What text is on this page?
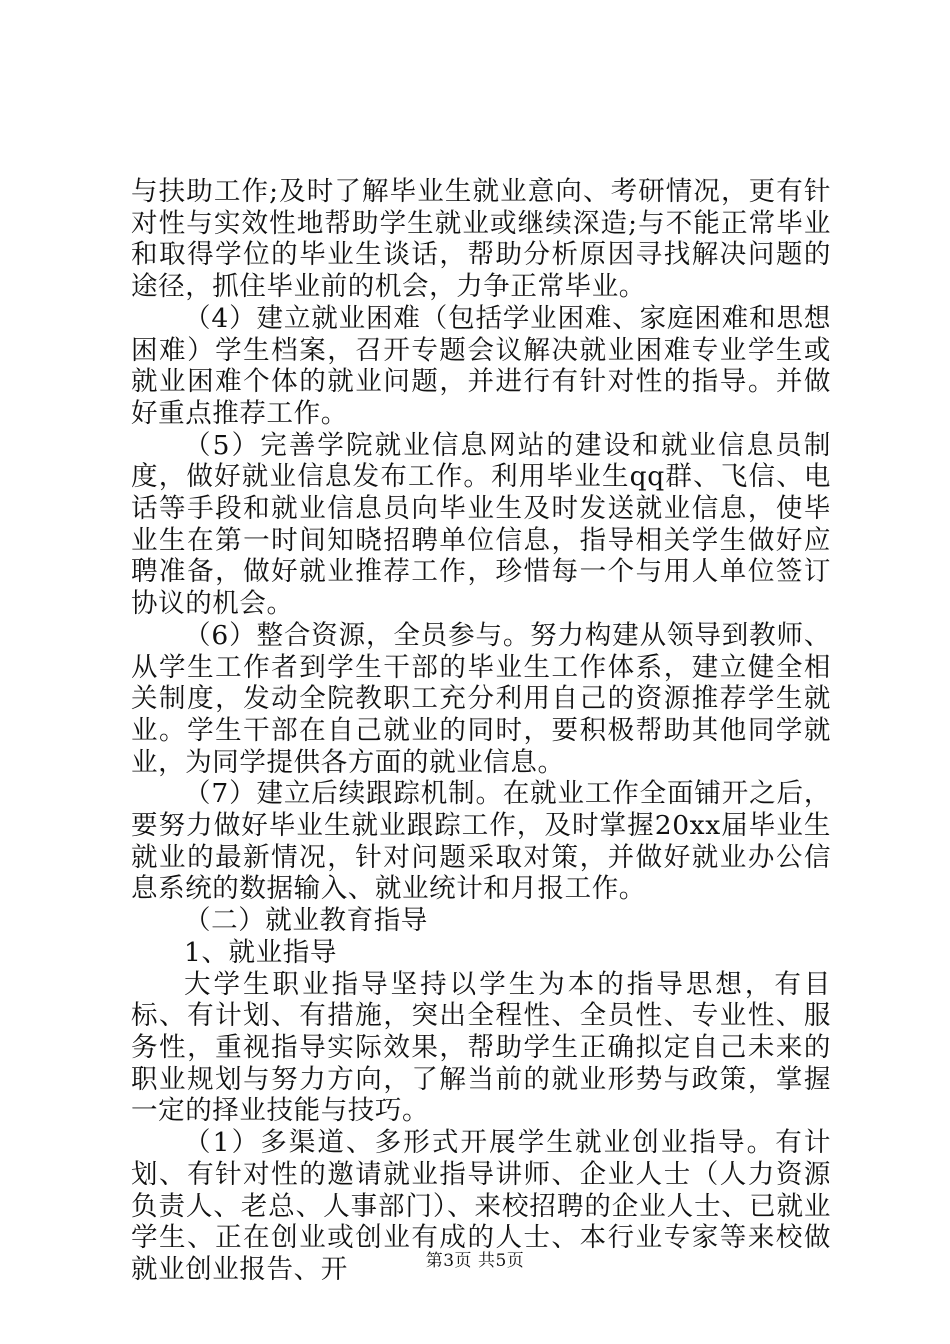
与扶助工作;及时了解毕业生就业意向、考研情况，更有针对性与实效性地帮助学生就业或继续深造;与不能正常毕业和取得学位的毕业生谈话，帮助分析原因寻找解决问题的途径，抓住毕业前的机会，力争正常毕业。

（4）建立就业困难（包括学业困难、家庭困难和思想困难）学生档案，召开专题会议解决就业困难专业学生或就业困难个体的就业问题，并进行有针对性的指导。并做好重点推荐工作。

（5）完善学院就业信息网站的建设和就业信息员制度，做好就业信息发布工作。利用毕业生qq群、飞信、电话等手段和就业信息员向毕业生及时发送就业信息，使毕业生在第一时间知晓招聘单位信息，指导相关学生做好应聘准备，做好就业推荐工作，珍惜每一个与用人单位签订协议的机会。

（6）整合资源，全员参与。努力构建从领导到教师、从学生工作者到学生干部的毕业生工作体系，建立健全相关制度，发动全院教职工充分利用自己的资源推荐学生就业。学生干部在自己就业的同时，要积极帮助其他同学就业，为同学提供各方面的就业信息。

（7）建立后续跟踪机制。在就业工作全面铺开之后，要努力做好毕业生就业跟踪工作，及时掌握20xx届毕业生就业的最新情况，针对问题采取对策，并做好就业办公信息系统的数据输入、就业统计和月报工作。

（二）就业教育指导

1、就业指导

大学生职业指导坚持以学生为本的指导思想，有目标、有计划、有措施，突出全程性、全员性、专业性、服务性，重视指导实际效果，帮助学生正确拟定自己未来的职业规划与努力方向，了解当前的就业形势与政策，掌握一定的择业技能与技巧。

（1）多渠道、多形式开展学生就业创业指导。有计划、有针对性的邀请就业指导讲师、企业人士（人力资源负责人、老总、人事部门）、来校招聘的企业人士、已就业学生、正在创业或创业有成的人士、本行业专家等来校做就业创业报告、开	第3页 共5页
